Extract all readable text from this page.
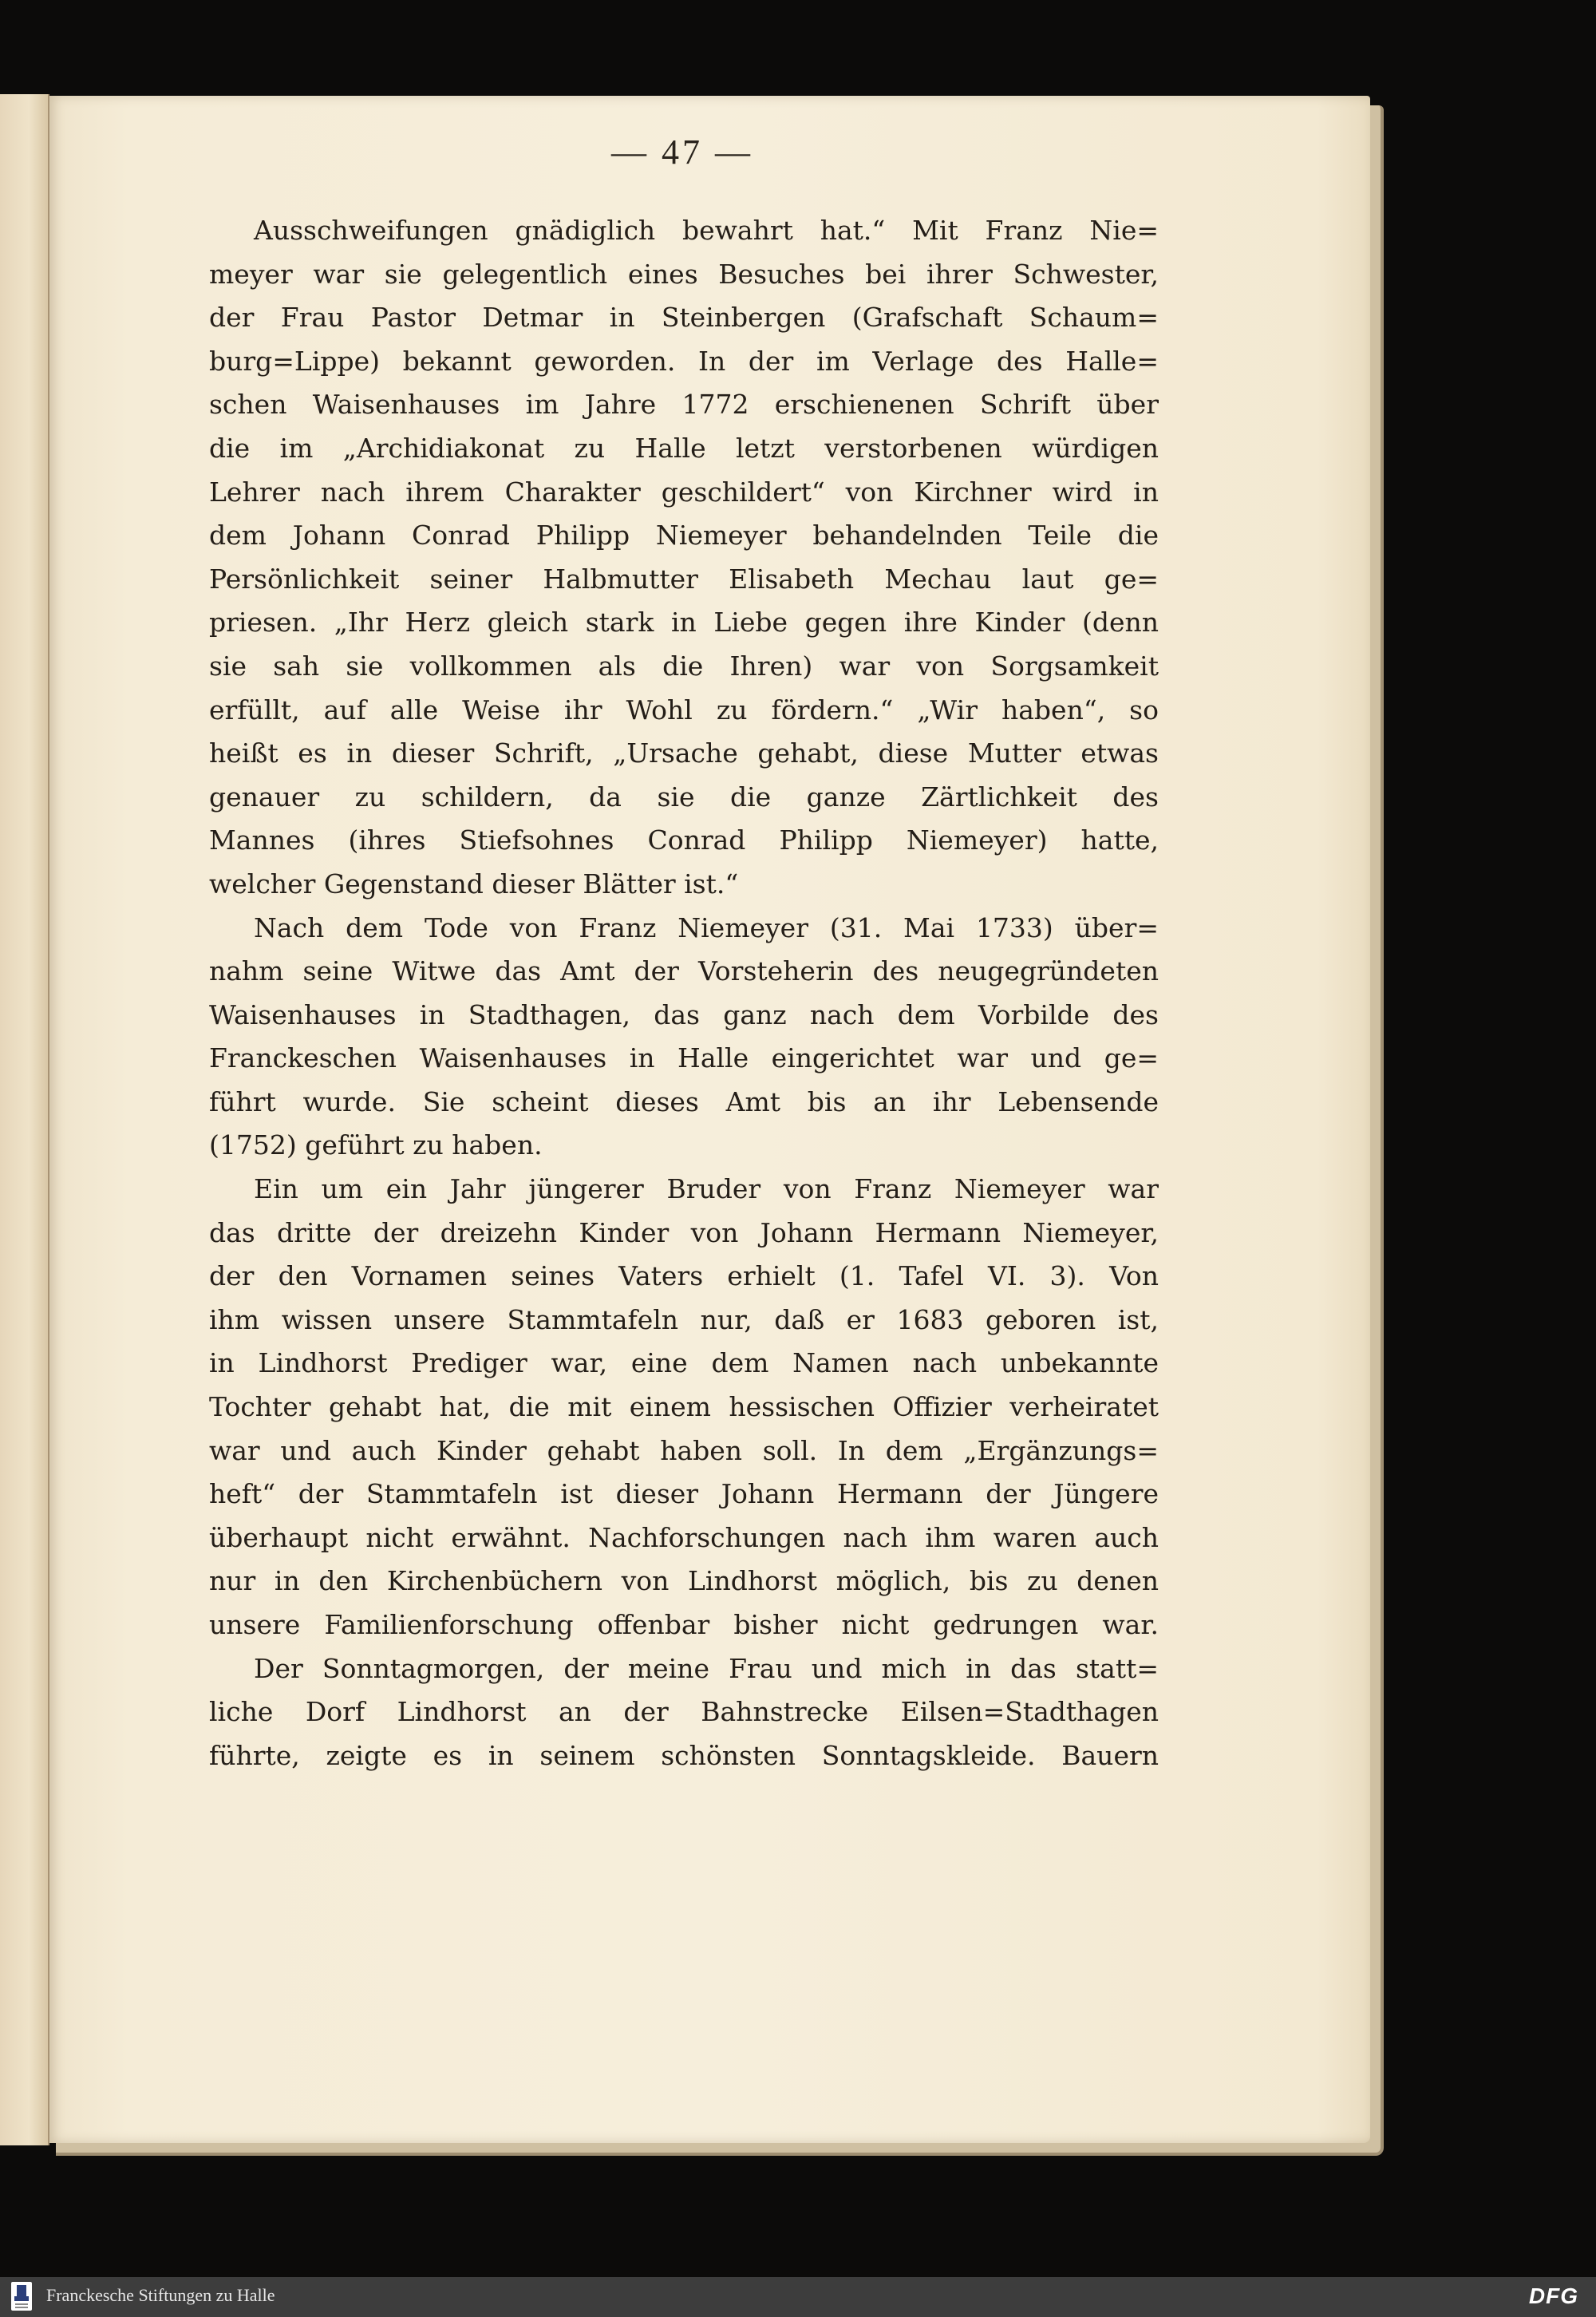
— 47 —
Ausschweifungen gnädiglich bewahrt hat.“ Mit Franz Nie=
meyer war sie gelegentlich eines Besuches bei ihrer Schwester,
der Frau Pastor Detmar in Steinbergen (Grafschaft Schaum=
burg=Lippe) bekannt geworden. In der im Verlage des Halle=
schen Waisenhauses im Jahre 1772 erschienenen Schrift über
die im „Archidiakonat zu Halle letzt verstorbenen würdigen
Lehrer nach ihrem Charakter geschildert“ von Kirchner wird in
dem Johann Conrad Philipp Niemeyer behandelnden Teile die
Persönlichkeit seiner Halbmutter Elisabeth Mechau laut ge=
priesen. „Ihr Herz gleich stark in Liebe gegen ihre Kinder (denn
sie sah sie vollkommen als die Ihren) war von Sorgsamkeit
erfüllt, auf alle Weise ihr Wohl zu fördern.“ „Wir haben“, so
heißt es in dieser Schrift, „Ursache gehabt, diese Mutter etwas
genauer zu schildern, da sie die ganze Zärtlichkeit des
Mannes (ihres Stiefsohnes Conrad Philipp Niemeyer) hatte,
welcher Gegenstand dieser Blätter ist.“
Nach dem Tode von Franz Niemeyer (31. Mai 1733) über=
nahm seine Witwe das Amt der Vorsteherin des neugegründeten
Waisenhauses in Stadthagen, das ganz nach dem Vorbilde des
Franckeschen Waisenhauses in Halle eingerichtet war und ge=
führt wurde. Sie scheint dieses Amt bis an ihr Lebensende
(1752) geführt zu haben.
Ein um ein Jahr jüngerer Bruder von Franz Niemeyer war
das dritte der dreizehn Kinder von Johann Hermann Niemeyer,
der den Vornamen seines Vaters erhielt (1. Tafel VI. 3). Von
ihm wissen unsere Stammtafeln nur, daß er 1683 geboren ist,
in Lindhorst Prediger war, eine dem Namen nach unbekannte
Tochter gehabt hat, die mit einem hessischen Offizier verheiratet
war und auch Kinder gehabt haben soll. In dem „Ergänzungs=
heft“ der Stammtafeln ist dieser Johann Hermann der Jüngere
überhaupt nicht erwähnt. Nachforschungen nach ihm waren auch
nur in den Kirchenbüchern von Lindhorst möglich, bis zu denen
unsere Familienforschung offenbar bisher nicht gedrungen war.
Der Sonntagmorgen, der meine Frau und mich in das statt=
liche Dorf Lindhorst an der Bahnstrecke Eilsen=Stadthagen
führte, zeigte es in seinem schönsten Sonntagskleide. Bauern
Franckesche Stiftungen zu Halle	DFG
